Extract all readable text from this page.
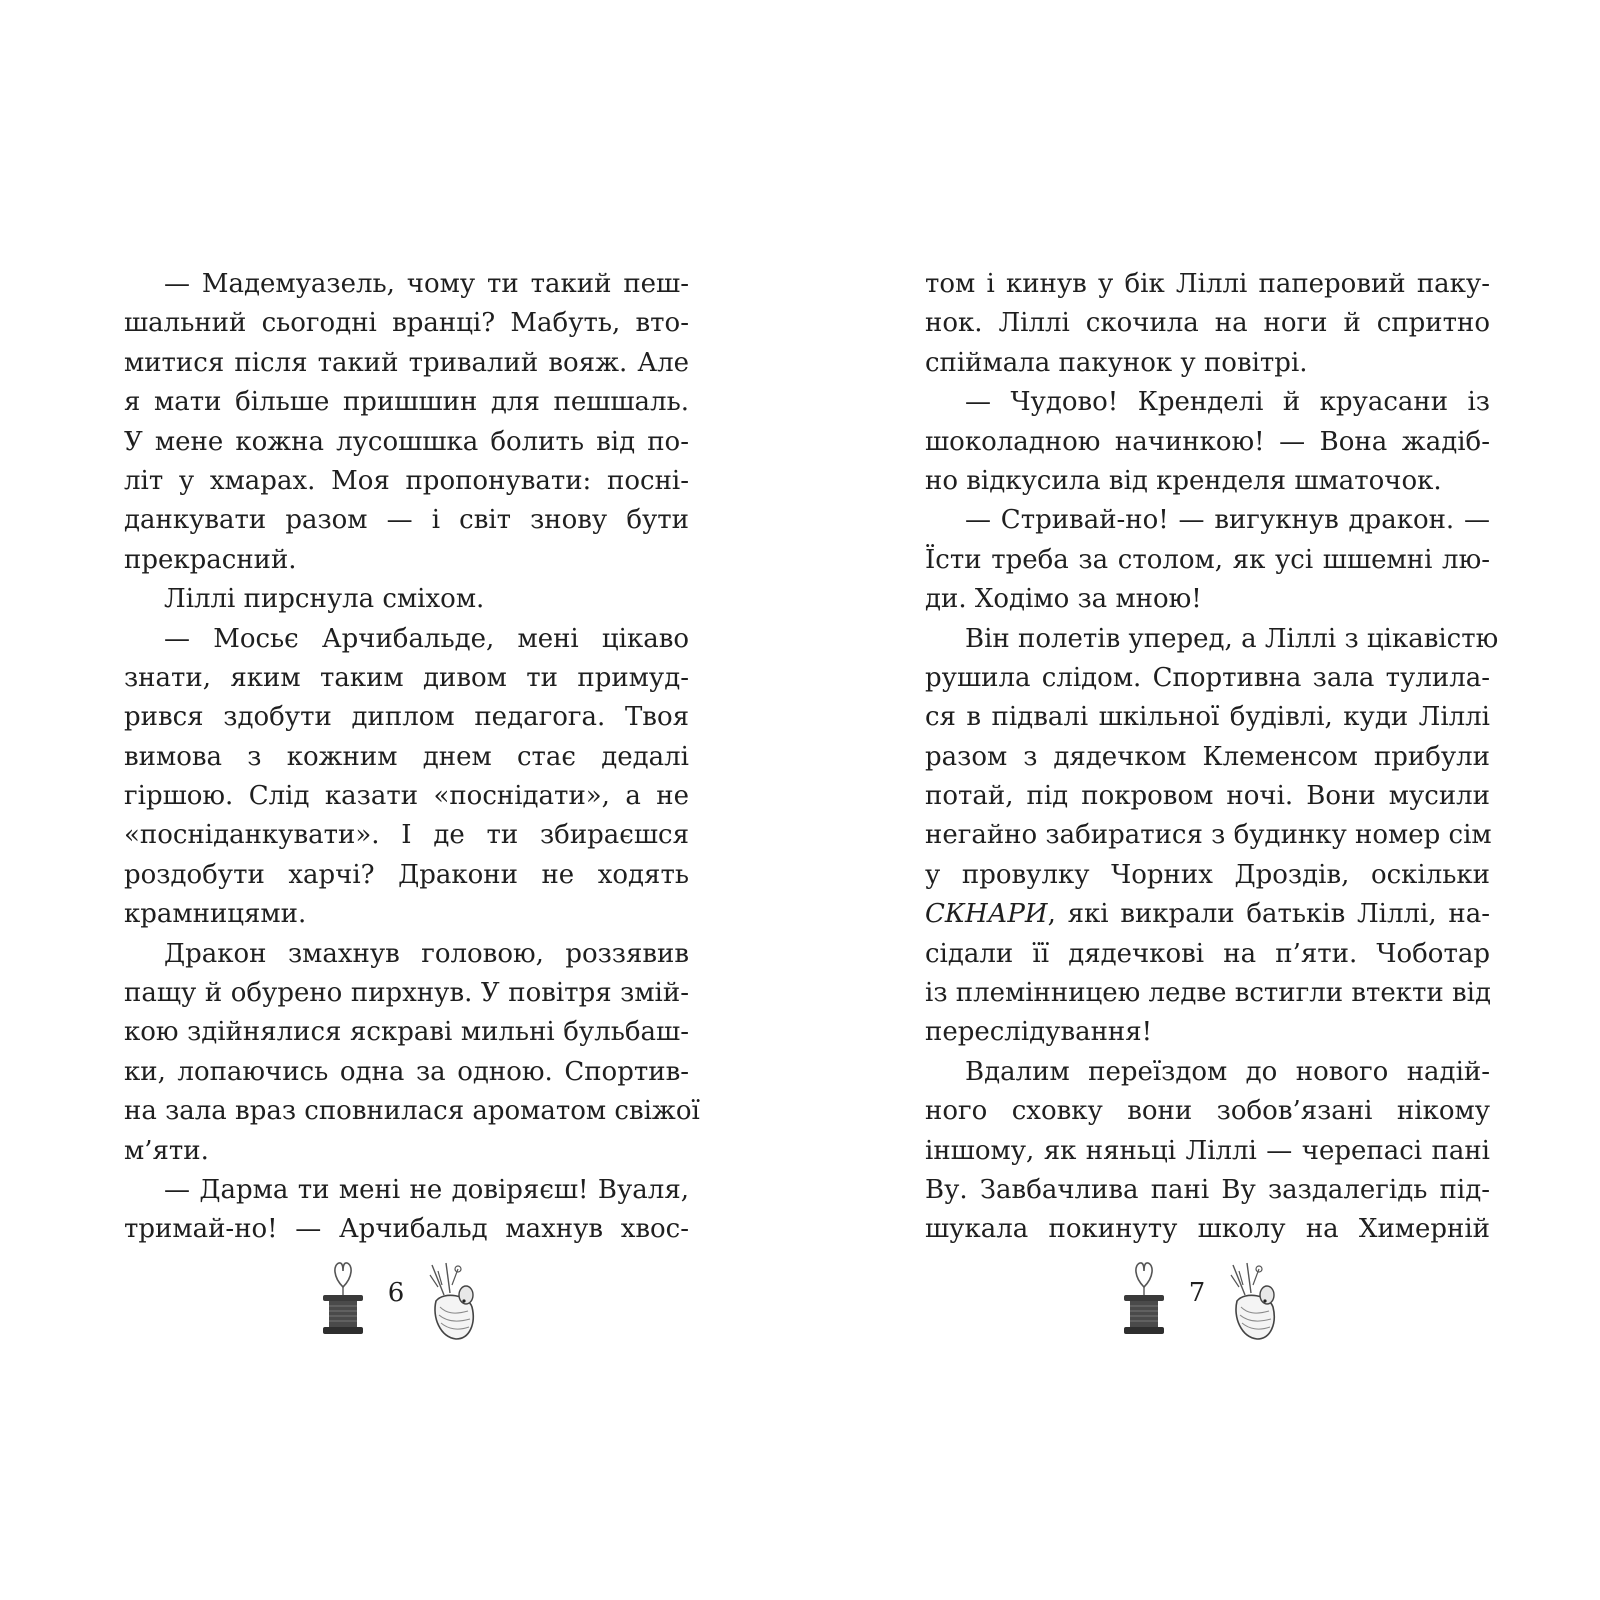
— Мадемуазель, чому ти такий пеш-
шальний сьогодні вранці? Мабуть, вто-
митися після такий тривалий вояж. Але
я мати більше пришшин для пешшаль.
У мене кожна лусошшка болить від по-
літ у хмарах. Моя пропонувати: посні-
данкувати разом — і світ знову бути
прекрасний.
Ліллі пирснула сміхом.
— Мосьє Арчибальде, мені цікаво
знати, яким таким дивом ти примуд-
рився здобути диплом педагога. Твоя
вимова з кожним днем стає дедалі
гіршою. Слід казати «поснідати», а не
«посніданкувати». І де ти збираєшся
роздобути харчі? Дракони не ходять
крамницями.
Дракон змахнув головою, роззявив
пащу й обурено пирхнув. У повітря змій-
кою здійнялися яскраві мильні бульбаш-
ки, лопаючись одна за одною. Спортив-
на зала враз сповнилася ароматом свіжої
м’яти.
— Дарма ти мені не довіряєш! Вуаля,
тримай-но! — Арчибальд махнув хвос-
том і кинув у бік Ліллі паперовий паку-
нок. Ліллі скочила на ноги й спритно
спіймала пакунок у повітрі.
— Чудово! Кренделі й круасани із
шоколадною начинкою! — Вона жадіб-
но відкусила від кренделя шматочок.
— Стривай-но! — вигукнув дракон. —
Їсти треба за столом, як усі шшемні лю-
ди. Ходімо за мною!
Він полетів уперед, а Ліллі з цікавістю
рушила слідом. Спортивна зала тулила-
ся в підвалі шкільної будівлі, куди Ліллі
разом з дядечком Клеменсом прибули
потай, під покровом ночі. Вони мусили
негайно забиратися з будинку номер сім
у провулку Чорних Дроздів, оскільки
СКНАРИ, які викрали батьків Ліллі, на-
сідали її дядечкові на п’яти. Чоботар
із племінницею ледве встигли втекти від
переслідування!
Вдалим переїздом до нового надій-
ного сховку вони зобов’язані нікому
іншому, як няньці Ліллі — черепасі пані
Ву. Завбачлива пані Ву заздалегідь під-
шукала покинуту школу на Химерній
6	7
